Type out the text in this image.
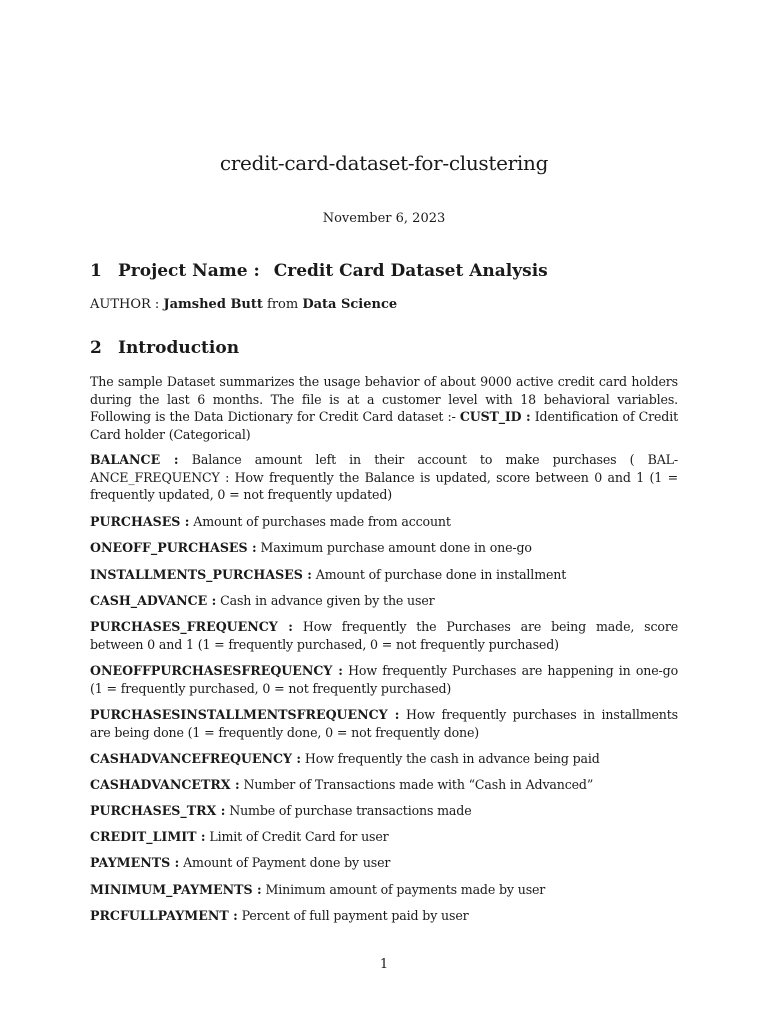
credit-card-dataset-for-clustering
November 6, 2023
1 Project Name : Credit Card Dataset Analysis
AUTHOR : Jamshed Butt from Data Science
2 Introduction
The sample Dataset summarizes the usage behavior of about 9000 active credit card holders during the last 6 months. The file is at a customer level with 18 behavioral variables. Following is the Data Dictionary for Credit Card dataset :- CUST_ID : Identification of Credit Card holder (Categorical)

BALANCE : Balance amount left in their account to make purchases ( BAL-ANCE_FREQUENCY : How frequently the Balance is updated, score between 0 and 1 (1 = frequently updated, 0 = not frequently updated)

PURCHASES : Amount of purchases made from account

ONEOFF_PURCHASES : Maximum purchase amount done in one-go

INSTALLMENTS_PURCHASES : Amount of purchase done in installment

CASH_ADVANCE : Cash in advance given by the user

PURCHASES_FREQUENCY : How frequently the Purchases are being made, score between 0 and 1 (1 = frequently purchased, 0 = not frequently purchased)

ONEOFFPURCHASESFREQUENCY : How frequently Purchases are happening in one-go (1 = frequently purchased, 0 = not frequently purchased)

PURCHASESINSTALLMENTSFREQUENCY : How frequently purchases in installments are being done (1 = frequently done, 0 = not frequently done)

CASHADVANCEFREQUENCY : How frequently the cash in advance being paid

CASHADVANCETRX : Number of Transactions made with “Cash in Advanced”

PURCHASES_TRX : Numbe of purchase transactions made

CREDIT_LIMIT : Limit of Credit Card for user

PAYMENTS : Amount of Payment done by user

MINIMUM_PAYMENTS : Minimum amount of payments made by user

PRCFULLPAYMENT : Percent of full payment paid by user

1
